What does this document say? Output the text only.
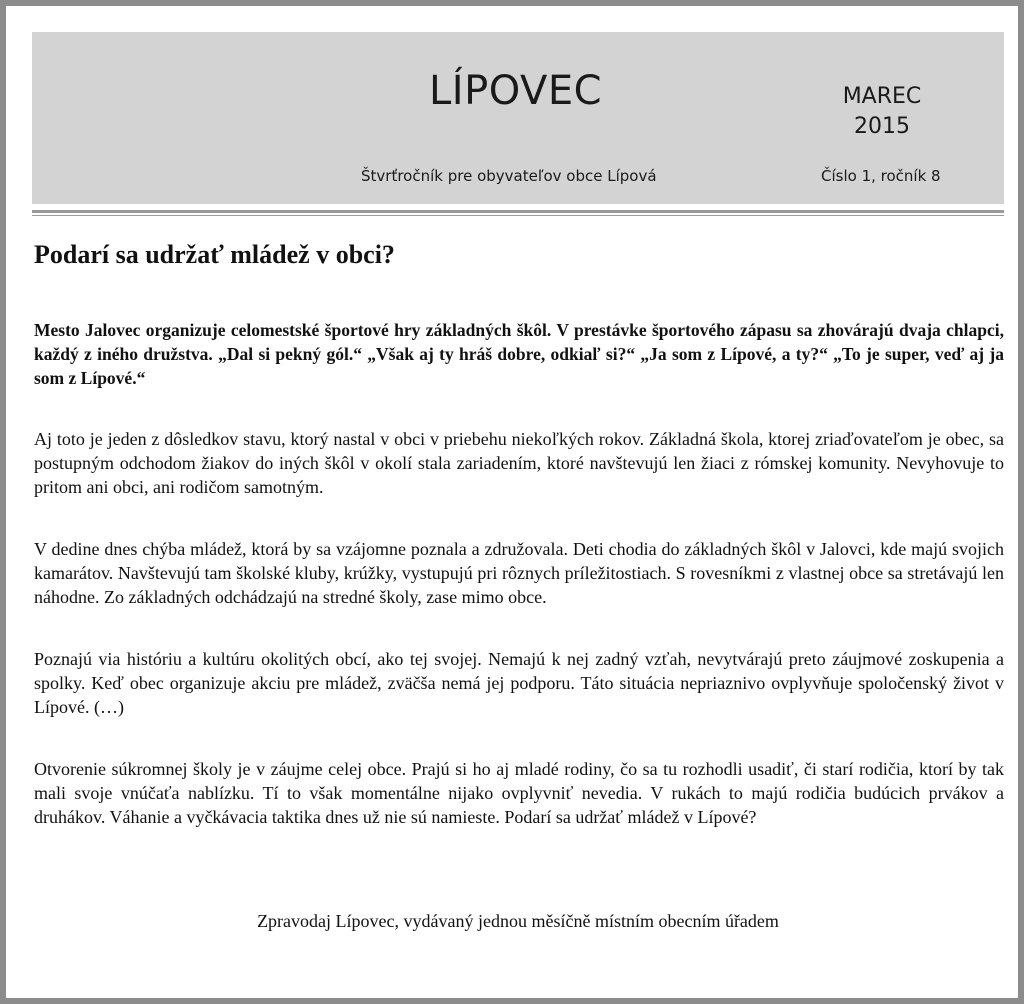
LÍPOVEC	MAREC
2015
Štvrťročník pre obyvateľov obce Lípová	Číslo 1, ročník 8
Podarí sa udržať mládež v obci?

Mesto Jalovec organizuje celomestské športové hry základných škôl. V prestávke športového zápasu sa zhovárajú dvaja chlapci, každý z iného družstva. „Dal si pekný gól.“ „Však aj ty hráš dobre, odkiaľ si?“ „Ja som z Lípové, a ty?“ „To je super, veď aj ja som z Lípové.“

Aj toto je jeden z dôsledkov stavu, ktorý nastal v obci v priebehu niekoľkých rokov. Základná škola, ktorej zriaďovateľom je obec, sa postupným odchodom žiakov do iných škôl v okolí stala zariadením, ktoré navštevujú len žiaci z rómskej komunity. Nevyhovuje to pritom ani obci, ani rodičom samotným.

V dedine dnes chýba mládež, ktorá by sa vzájomne poznala a združovala. Deti chodia do základných škôl v Jalovci, kde majú svojich kamarátov. Navštevujú tam školské kluby, krúžky, vystupujú pri rôznych príležitostiach. S rovesníkmi z vlastnej obce sa stretávajú len náhodne. Zo základných odchádzajú na stredné školy, zase mimo obce.

Poznajú via históriu a kultúru okolitých obcí, ako tej svojej. Nemajú k nej zadný vzťah, nevytvárajú preto záujmové zoskupenia a spolky. Keď obec organizuje akciu pre mládež, zväčša nemá jej podporu. Táto situácia nepriaznivo ovplyvňuje spoločenský život v Lípové. (…)

Otvorenie súkromnej školy je v záujme celej obce. Prajú si ho aj mladé rodiny, čo sa tu rozhodli usadiť, či starí rodičia, ktorí by tak mali svoje vnúčaťa nablízku. Tí to však momentálne nijako ovplyvniť nevedia. V rukách to majú rodičia budúcich prvákov a druhákov. Váhanie a vyčkávacia taktika dnes už nie sú namieste. Podarí sa udržať mládež v Lípové?

Zpravodaj Lípovec, vydávaný jednou měsíčně místním obecním úřadem
